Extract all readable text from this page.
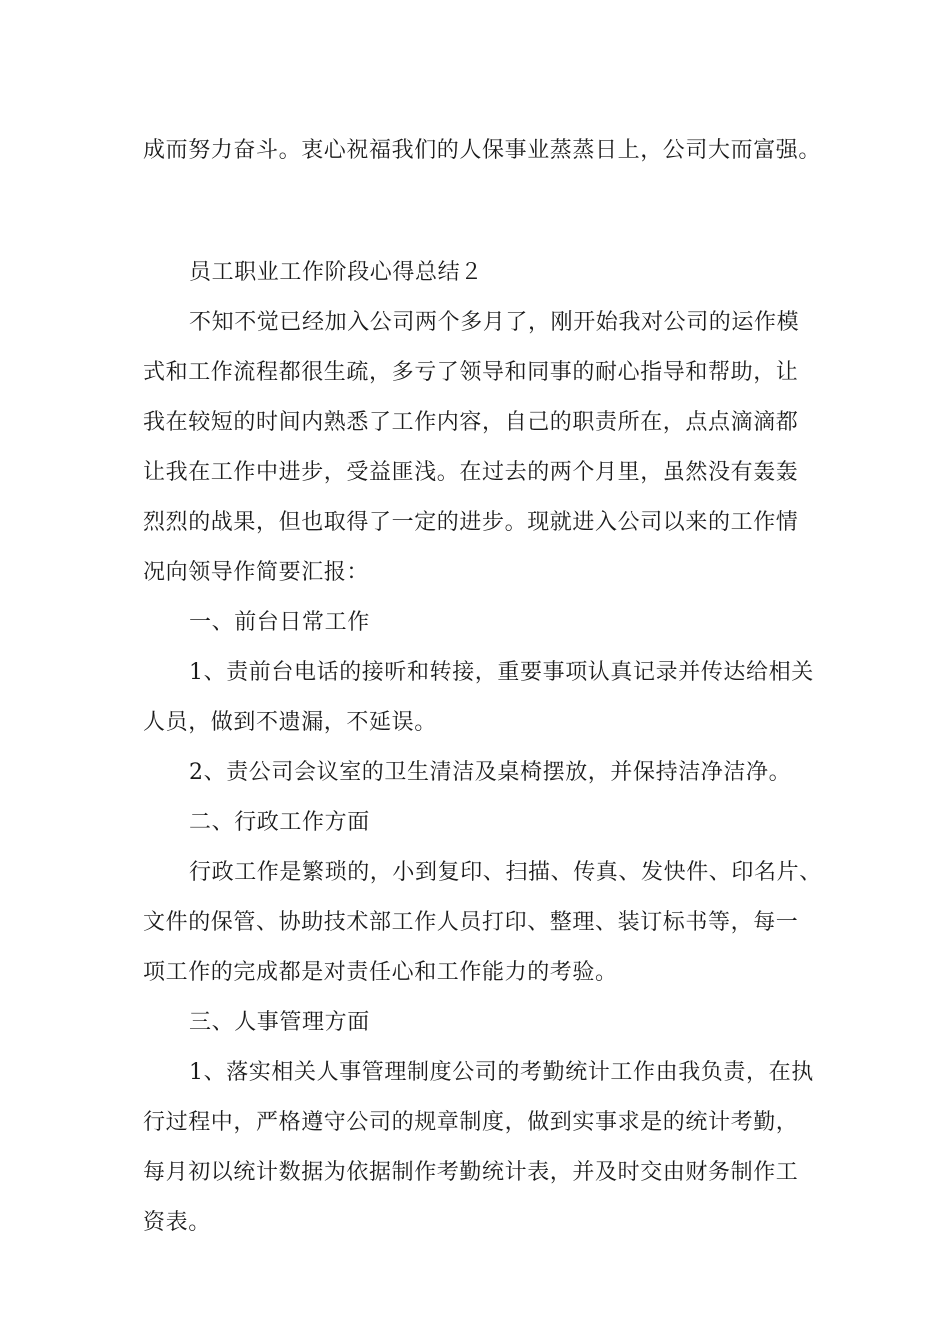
成而努力奋斗。衷心祝福我们的人保事业蒸蒸日上，公司大而富强。
员工职业工作阶段心得总结２
不知不觉已经加入公司两个多月了，刚开始我对公司的运作模
式和工作流程都很生疏，多亏了领导和同事的耐心指导和帮助，让
我在较短的时间内熟悉了工作内容，自己的职责所在，点点滴滴都
让我在工作中进步，受益匪浅。在过去的两个月里，虽然没有轰轰
烈烈的战果，但也取得了一定的进步。现就进入公司以来的工作情
况向领导作简要汇报：
一、前台日常工作
1、责前台电话的接听和转接，重要事项认真记录并传达给相关
人员，做到不遗漏，不延误。
2、责公司会议室的卫生清洁及桌椅摆放，并保持洁净洁净。
二、行政工作方面
行政工作是繁琐的，小到复印、扫描、传真、发快件、印名片、
文件的保管、协助技术部工作人员打印、整理、装订标书等，每一
项工作的完成都是对责任心和工作能力的考验。
三、人事管理方面
1、落实相关人事管理制度公司的考勤统计工作由我负责，在执
行过程中，严格遵守公司的规章制度，做到实事求是的统计考勤，
每月初以统计数据为依据制作考勤统计表，并及时交由财务制作工
资表。
